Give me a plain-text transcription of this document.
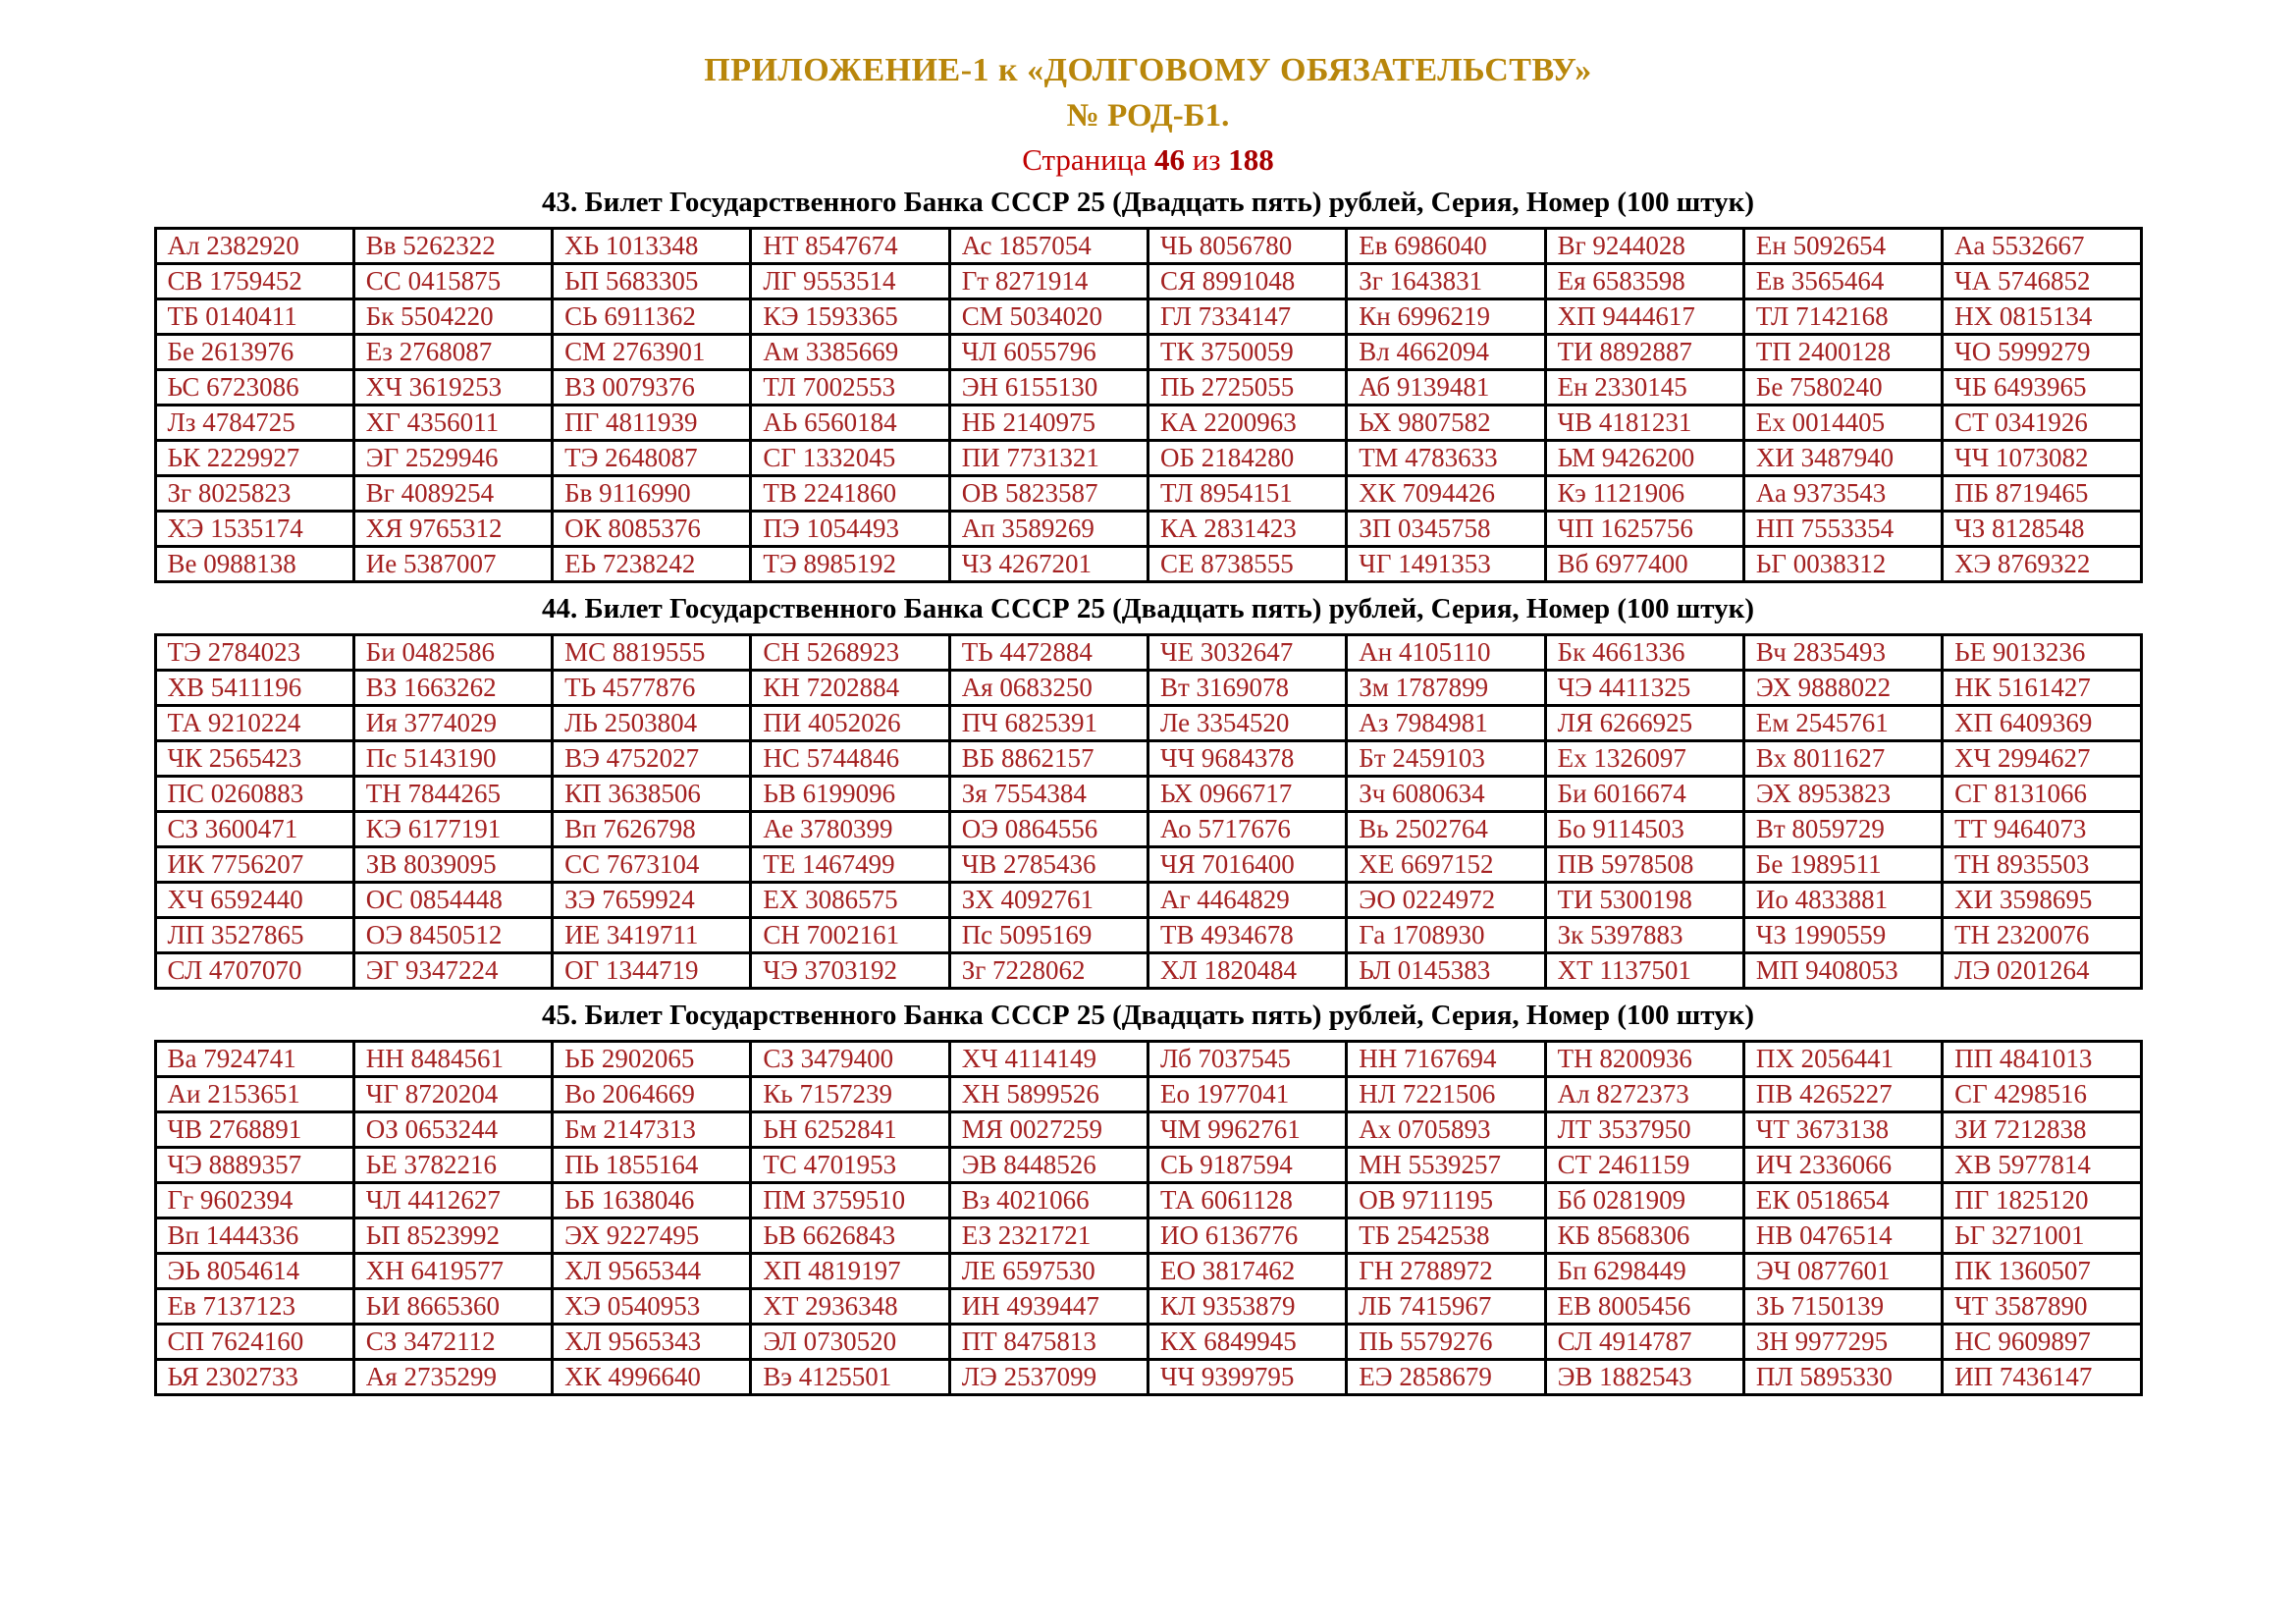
ПРИЛОЖЕНИЕ-1 к «ДОЛГОВОМУ ОБЯЗАТЕЛЬСТВУ»
№ РОД-Б1.
Страница 46 из 188
43. Билет Государственного Банка СССР 25 (Двадцать пять) рублей, Серия, Номер (100 штук)
Ал 2382920	Вв 5262322	ХЬ 1013348	НТ 8547674	Ас 1857054	ЧЬ 8056780	Ев 6986040	Вг 9244028	Ен 5092654	Аа 5532667
СВ 1759452	СС 0415875	ЬП 5683305	ЛГ 9553514	Гт 8271914	СЯ 8991048	Зг 1643831	Ея 6583598	Ев 3565464	ЧА 5746852
ТБ 0140411	Бк 5504220	СЬ 6911362	КЭ 1593365	СМ 5034020	ГЛ 7334147	Кн 6996219	ХП 9444617	ТЛ 7142168	НХ 0815134
Бе 2613976	Ез 2768087	СМ 2763901	Ам 3385669	ЧЛ 6055796	ТК 3750059	Вл 4662094	ТИ 8892887	ТП 2400128	ЧО 5999279
ЬС 6723086	ХЧ 3619253	ВЗ 0079376	ТЛ 7002553	ЭН 6155130	ПЬ 2725055	Аб 9139481	Ен 2330145	Бе 7580240	ЧБ 6493965
Лз 4784725	ХГ 4356011	ПГ 4811939	АЬ 6560184	НБ 2140975	КА 2200963	ЬХ 9807582	ЧВ 4181231	Ех 0014405	СТ 0341926
ЬК 2229927	ЭГ 2529946	ТЭ 2648087	СГ 1332045	ПИ 7731321	ОБ 2184280	ТМ 4783633	ЬМ 9426200	ХИ 3487940	ЧЧ 1073082
Зг 8025823	Вг 4089254	Бв 9116990	ТВ 2241860	ОВ 5823587	ТЛ 8954151	ХК 7094426	Кэ 1121906	Аа 9373543	ПБ 8719465
ХЭ 1535174	ХЯ 9765312	ОК 8085376	ПЭ 1054493	Ап 3589269	КА 2831423	ЗП 0345758	ЧП 1625756	НП 7553354	ЧЗ 8128548
Ве 0988138	Ие 5387007	ЕЬ 7238242	ТЭ 8985192	ЧЗ 4267201	СЕ 8738555	ЧГ 1491353	Вб 6977400	ЬГ 0038312	ХЭ 8769322
44. Билет Государственного Банка СССР 25 (Двадцать пять) рублей, Серия, Номер (100 штук)
ТЭ 2784023	Би 0482586	МС 8819555	СН 5268923	ТЬ 4472884	ЧЕ 3032647	Ан 4105110	Бк 4661336	Вч 2835493	ЬЕ 9013236
ХВ 5411196	ВЗ 1663262	ТЬ 4577876	КН 7202884	Ая 0683250	Вт 3169078	Зм 1787899	ЧЭ 4411325	ЭХ 9888022	НК 5161427
ТА 9210224	Ия 3774029	ЛЬ 2503804	ПИ 4052026	ПЧ 6825391	Ле 3354520	Аз 7984981	ЛЯ 6266925	Ем 2545761	ХП 6409369
ЧК 2565423	Пс 5143190	ВЭ 4752027	НС 5744846	ВБ 8862157	ЧЧ 9684378	Бт 2459103	Ех 1326097	Вх 8011627	ХЧ 2994627
ПС 0260883	ТН 7844265	КП 3638506	ЬВ 6199096	Зя 7554384	ЬХ 0966717	Зч 6080634	Би 6016674	ЭХ 8953823	СГ 8131066
СЗ 3600471	КЭ 6177191	Вп 7626798	Ае 3780399	ОЭ 0864556	Ао 5717676	Вь 2502764	Бо 9114503	Вт 8059729	ТТ 9464073
ИК 7756207	ЗВ 8039095	СС 7673104	ТЕ 1467499	ЧВ 2785436	ЧЯ 7016400	ХЕ 6697152	ПВ 5978508	Бе 1989511	ТН 8935503
ХЧ 6592440	ОС 0854448	ЗЭ 7659924	ЕХ 3086575	ЗХ 4092761	Аг 4464829	ЭО 0224972	ТИ 5300198	Ио 4833881	ХИ 3598695
ЛП 3527865	ОЭ 8450512	ИЕ 3419711	СН 7002161	Пс 5095169	ТВ 4934678	Га 1708930	Зк 5397883	ЧЗ 1990559	ТН 2320076
СЛ 4707070	ЭГ 9347224	ОГ 1344719	ЧЭ 3703192	Зг 7228062	ХЛ 1820484	ЬЛ 0145383	ХТ 1137501	МП 9408053	ЛЭ 0201264
45. Билет Государственного Банка СССР 25 (Двадцать пять) рублей, Серия, Номер (100 штук)
Ва 7924741	НН 8484561	ЬБ 2902065	СЗ 3479400	ХЧ 4114149	Лб 7037545	НН 7167694	ТН 8200936	ПХ 2056441	ПП 4841013
Аи 2153651	ЧГ 8720204	Во 2064669	Кь 7157239	ХН 5899526	Ео 1977041	НЛ 7221506	Ал 8272373	ПВ 4265227	СГ 4298516
ЧВ 2768891	ОЗ 0653244	Бм 2147313	ЬН 6252841	МЯ 0027259	ЧМ 9962761	Ах 0705893	ЛТ 3537950	ЧТ 3673138	ЗИ 7212838
ЧЭ 8889357	ЬЕ 3782216	ПЬ 1855164	ТС 4701953	ЭВ 8448526	СЬ 9187594	МН 5539257	СТ 2461159	ИЧ 2336066	ХВ 5977814
Гг 9602394	ЧЛ 4412627	ЬБ 1638046	ПМ 3759510	Вз 4021066	ТА 6061128	ОВ 9711195	Бб 0281909	ЕК 0518654	ПГ 1825120
Вп 1444336	ЬП 8523992	ЭХ 9227495	ЬВ 6626843	ЕЗ 2321721	ИО 6136776	ТБ 2542538	КБ 8568306	НВ 0476514	ЬГ 3271001
ЭЬ 8054614	ХН 6419577	ХЛ 9565344	ХП 4819197	ЛЕ 6597530	ЕО 3817462	ГН 2788972	Бп 6298449	ЭЧ 0877601	ПК 1360507
Ев 7137123	ЬИ 8665360	ХЭ 0540953	ХТ 2936348	ИН 4939447	КЛ 9353879	ЛБ 7415967	ЕВ 8005456	ЗЬ 7150139	ЧТ 3587890
СП 7624160	СЗ 3472112	ХЛ 9565343	ЭЛ 0730520	ПТ 8475813	КХ 6849945	ПЬ 5579276	СЛ 4914787	ЗН 9977295	НС 9609897
ЬЯ 2302733	Ая 2735299	ХК 4996640	Вэ 4125501	ЛЭ 2537099	ЧЧ 9399795	ЕЭ 2858679	ЭВ 1882543	ПЛ 5895330	ИП 7436147
